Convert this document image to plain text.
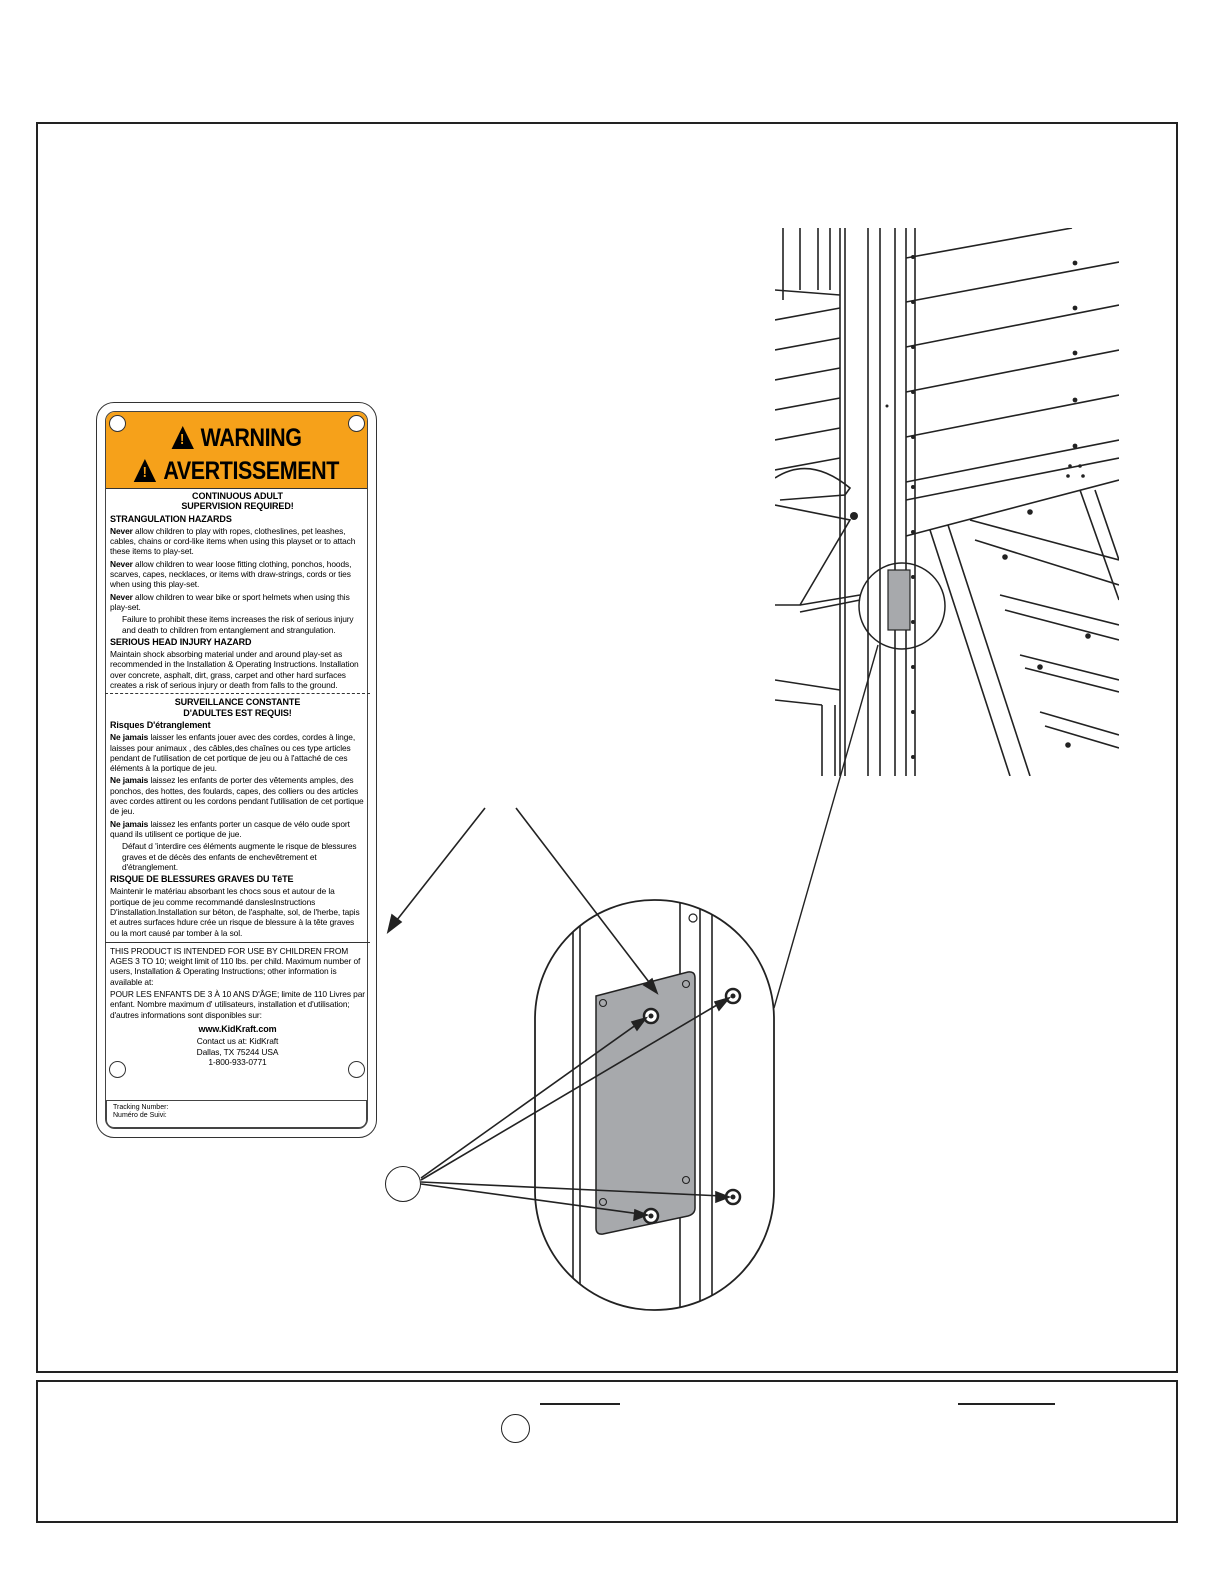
!WARNING
!AVERTISSEMENT

CONTINUOUS ADULT
SUPERVISION REQUIRED!

STRANGULATION HAZARDS

Never allow children to play with ropes, clotheslines, pet leashes, cables, chains or cord-like items when using this playset or to attach these items to play-set.

Never allow children to wear loose fitting clothing, ponchos, hoods, scarves, capes, necklaces, or items with draw-strings, cords or ties when using this play-set.

Never allow children to wear bike or sport helmets when using this play-set.

Failure to prohibit these items increases the risk of serious injury and death to children from entanglement and strangulation.

SERIOUS HEAD INJURY HAZARD

Maintain shock absorbing material under and around play-set as recommended in the Installation & Operating Instructions. Installation over concrete, asphalt, dirt, grass, carpet and other hard surfaces creates a risk of serious injury or death from falls to the ground.

SURVEILLANCE CONSTANTE
D'ADULTES EST REQUIS!

Risques D'étranglement

Ne jamais laisser les enfants jouer avec des cordes, cordes à linge, laisses pour animaux , des câbles,des chaînes ou ces type articles pendant de l'utilisation de cet portique de jeu ou à l'attaché de ces éléments à la portique de jeu.

Ne jamais laissez les enfants de porter des vêtements amples, des ponchos, des hottes, des foulards, capes, des colliers ou des articles avec cordes attirent ou les cordons pendant l'utilisation de cet portique de jeu.

Ne jamais laissez les enfants porter un casque de vélo oude sport quand ils utilisent ce portique de jue.

Défaut d 'interdire ces éléments augmente le risque de blessures graves et de décès des enfants de enchevêtrement et d'étranglement.

RISQUE DE BLESSURES GRAVES DU TêTE

Maintenir le matériau absorbant les chocs sous et autour de la portique de jeu comme recommandé danslesInstructions D'installation.Installation sur béton, de l'asphalte, sol, de l'herbe, tapis et autres surfaces hdure crée un risque de blessure à la tête graves ou la mort causé par tomber à la sol.

THIS PRODUCT IS INTENDED FOR USE BY CHILDREN FROM AGES 3 TO 10; weight limit of 110 lbs. per child. Maximum number of users, Installation & Operating Instructions; other information is available at:

POUR LES ENFANTS DE 3 À 10 ANS D'ÂGE; limite de 110 Livres par enfant. Nombre maximum d' utilisateurs, installation et d'utilisation; d'autres informations sont disponibles sur:

www.KidKraft.com

Contact us at: KidKraft

Dallas, TX 75244 USA

1-800-933-0771

Tracking Number:
Numéro de Suivi:
